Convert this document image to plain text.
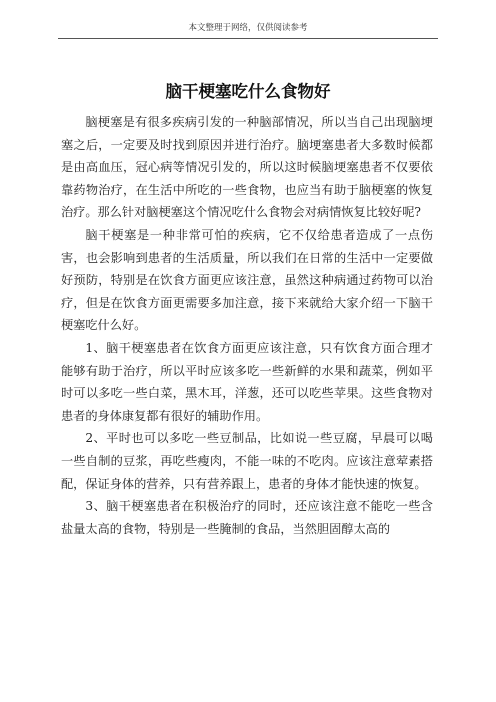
本文整理于网络，仅供阅读参考
脑干梗塞吃什么食物好

脑梗塞是有很多疾病引发的一种脑部情况，所以当自己出现脑埂塞之后，一定要及时找到原因并进行治疗。脑埂塞患者大多数时候都是由高血压，冠心病等情况引发的，所以这时候脑埂塞患者不仅要依靠药物治疗，在生活中所吃的一些食物，也应当有助于脑梗塞的恢复治疗。那么针对脑梗塞这个情况吃什么食物会对病情恢复比较好呢?

脑干梗塞是一种非常可怕的疾病，它不仅给患者造成了一点伤害，也会影响到患者的生活质量，所以我们在日常的生活中一定要做好预防，特别是在饮食方面更应该注意，虽然这种病通过药物可以治疗，但是在饮食方面更需要多加注意，接下来就给大家介绍一下脑干梗塞吃什么好。

1、脑干梗塞患者在饮食方面更应该注意，只有饮食方面合理才能够有助于治疗，所以平时应该多吃一些新鲜的水果和蔬菜，例如平时可以多吃一些白菜，黑木耳，洋葱，还可以吃些苹果。这些食物对患者的身体康复都有很好的辅助作用。

2、平时也可以多吃一些豆制品，比如说一些豆腐，早晨可以喝一些自制的豆浆，再吃些瘦肉，不能一味的不吃肉。应该注意荤素搭配，保证身体的营养，只有营养跟上，患者的身体才能快速的恢复。

3、脑干梗塞患者在积极治疗的同时，还应该注意不能吃一些含盐量太高的食物，特别是一些腌制的食品，当然胆固醇太高的
